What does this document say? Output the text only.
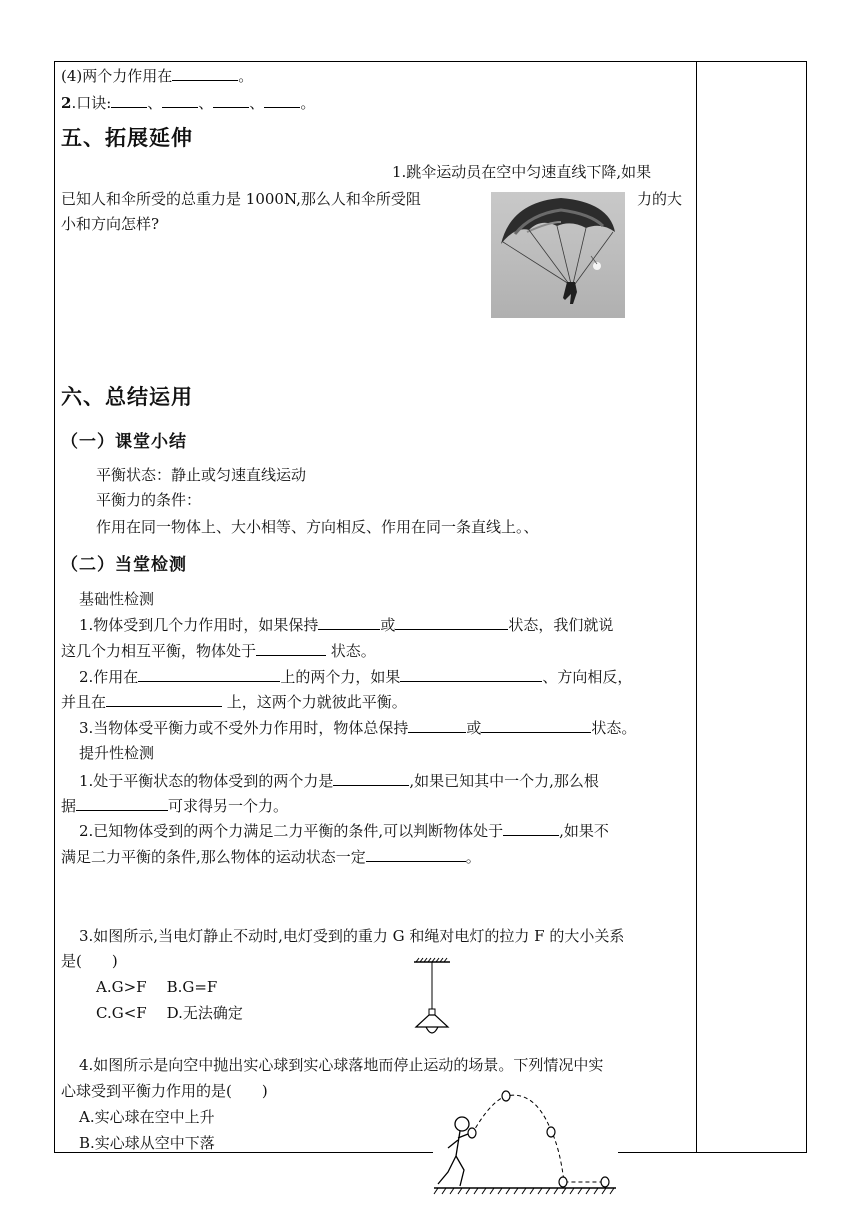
(4)两个力作用在	。
2.口诀: 、 、 、 。
五、拓展延伸
1.跳伞运动员在空中匀速直线下降,如果
已知人和伞所受的总重力是 1000N,那么人和伞所受阻	力的大
小和方向怎样?
六、总结运用
（一）课堂小结
平衡状态：静止或匀速直线运动
平衡力的条件：
作用在同一物体上、大小相等、方向相反、作用在同一条直线上。、
（二）当堂检测
基础性检测
1.物体受到几个力作用时，如果保持	或	状态，我们就说
这几个力相互平衡，物体处于	状态。
2.作用在	上的两个力，如果	、方向相反，
并且在	上，这两个力就彼此平衡。
3.当物体受平衡力或不受外力作用时，物体总保持	或	状态。
提升性检测
1.处于平衡状态的物体受到的两个力是	,如果已知其中一个力,那么根
据	可求得另一个力。
2.已知物体受到的两个力满足二力平衡的条件,可以判断物体处于	,如果不
满足二力平衡的条件,那么物体的运动状态一定	。
3.如图所示,当电灯静止不动时,电灯受到的重力 G 和绳对电灯的拉力 F 的大小关系
是(　　)
A.G>F B.G=F
C.G<F D.无法确定
4.如图所示是向空中抛出实心球到实心球落地而停止运动的场景。下列情况中实
心球受到平衡力作用的是(　　)
A.实心球在空中上升
B.实心球从空中下落
